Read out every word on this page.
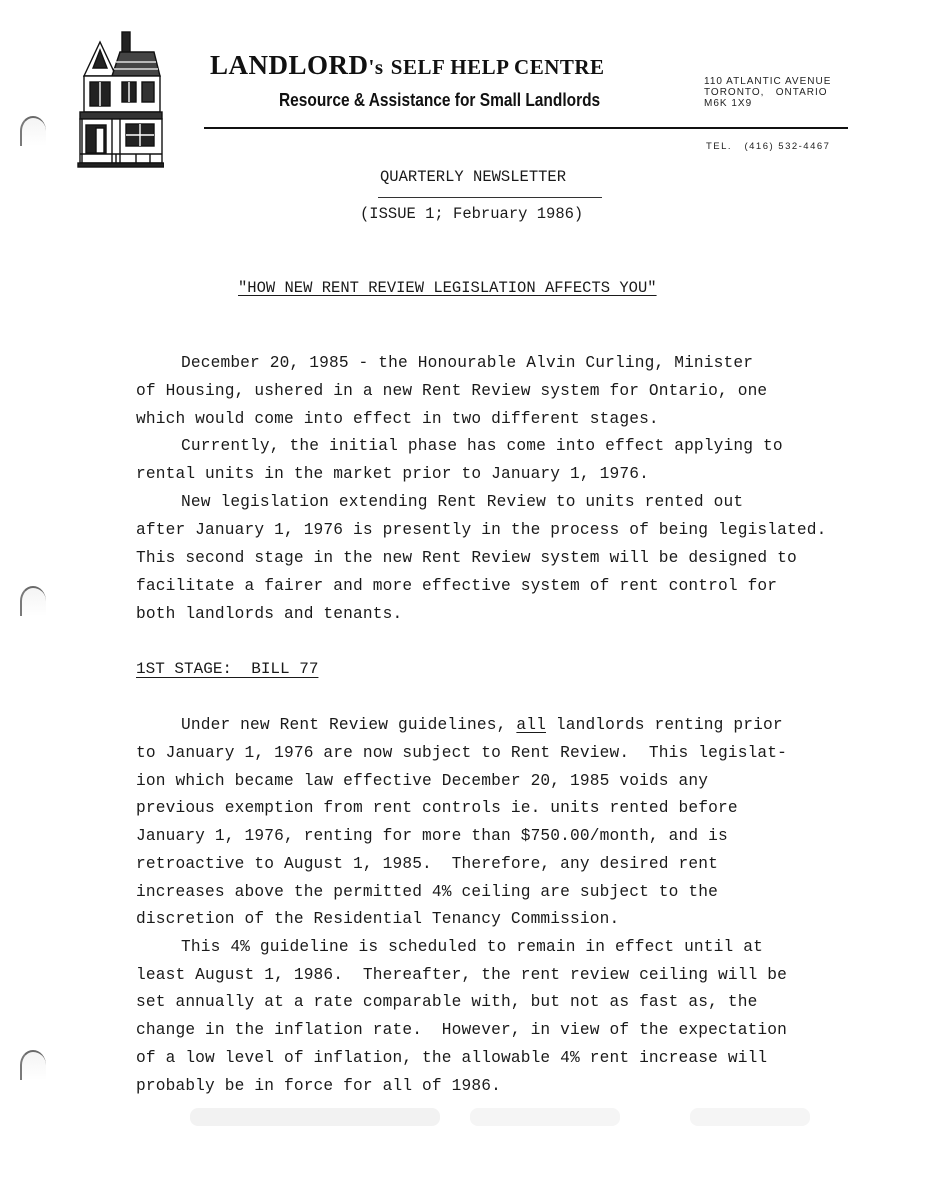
LANDLORD's SELF HELP CENTRE
Resource & Assistance for Small Landlords
110 ATLANTIC AVENUE
TORONTO,   ONTARIO
M6K 1X9
TEL.   (416) 532-4467
QUARTERLY NEWSLETTER
(ISSUE 1; February 1986)
"HOW NEW RENT REVIEW LEGISLATION AFFECTS YOU"
December 20, 1985 - the Honourable Alvin Curling, Minister
of Housing, ushered in a new Rent Review system for Ontario, one
which would come into effect in two different stages.
Currently, the initial phase has come into effect applying to
rental units in the market prior to January 1, 1976.
New legislation extending Rent Review to units rented out
after January 1, 1976 is presently in the process of being legislated.
This second stage in the new Rent Review system will be designed to
facilitate a fairer and more effective system of rent control for
both landlords and tenants.
1ST STAGE:  BILL 77
Under new Rent Review guidelines, all landlords renting prior
to January 1, 1976 are now subject to Rent Review.  This legislat-
ion which became law effective December 20, 1985 voids any
previous exemption from rent controls ie. units rented before
January 1, 1976, renting for more than $750.00/month, and is
retroactive to August 1, 1985.  Therefore, any desired rent
increases above the permitted 4% ceiling are subject to the
discretion of the Residential Tenancy Commission.
This 4% guideline is scheduled to remain in effect until at
least August 1, 1986.  Thereafter, the rent review ceiling will be
set annually at a rate comparable with, but not as fast as, the
change in the inflation rate.  However, in view of the expectation
of a low level of inflation, the allowable 4% rent increase will
probably be in force for all of 1986.
